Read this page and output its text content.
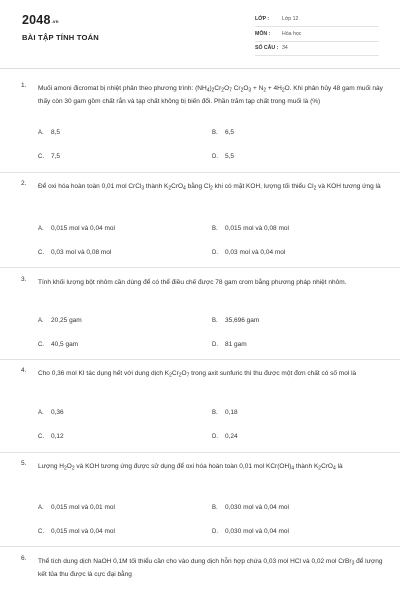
2048.vn
BÀI TẬP TÍNH TOÁN
LỚP : Lớp 12
MÔN : Hóa học
SỐ CÂU : 34
1. Muối amoni đicromat bị nhiệt phân theo phương trình: $(NH_4)_2Cr_2O_7$ $Cr_2O_3 + N_2 + 4H_2O$. Khi phân hủy 48 gam muối này thấy còn 30 gam gồm chất rắn và tạp chất không bị biến đổi. Phần trăm tạp chất trong muối là (%)
A. 8,5	B. 6,5
C. 7,5	D. 5,5
2. Để oxi hóa hoàn toàn 0,01 mol CrCl$_3$ thành $K_2CrO_4$ bằng $Cl_2$ khi có mặt KOH, lượng tối thiểu $Cl_2$ và KOH tương ứng là
A. 0,015 mol và 0,04 mol	B. 0,015 mol và 0,08 mol
C. 0,03 mol và 0,08 mol	D. 0,03 mol và 0,04 mol
3. Tính khối lượng bột nhôm cần dùng để có thể điều chế được 78 gam crom bằng phương pháp nhiệt nhôm.
A. 20,25 gam	B. 35,696 gam
C. 40,5 gam	D. 81 gam
4. Cho 0,36 mol KI tác dụng hết với dung dịch $K_2Cr_2O_7$ trong axit sunfuric thì thu được một đơn chất có số mol là
A. 0,36	B. 0,18
C. 0,12	D. 0,24
5. Lượng $H_2O_2$ và KOH tương ứng được sử dụng để oxi hóa hoàn toàn 0,01 mol $KCr(OH)_4$ thành $K_2CrO_4$ là
A. 0,015 mol và 0,01 mol	B. 0,030 mol và 0,04 mol
C. 0,015 mol và 0,04 mol	D. 0,030 mol và 0,04 mol
6. Thể tích dung dịch NaOH 0,1M tối thiểu cần cho vào dung dịch hỗn hợp chứa 0,03 mol HCl và 0,02 mol CrBr$_3$ để lượng kết tủa thu được là cực đại bằng
